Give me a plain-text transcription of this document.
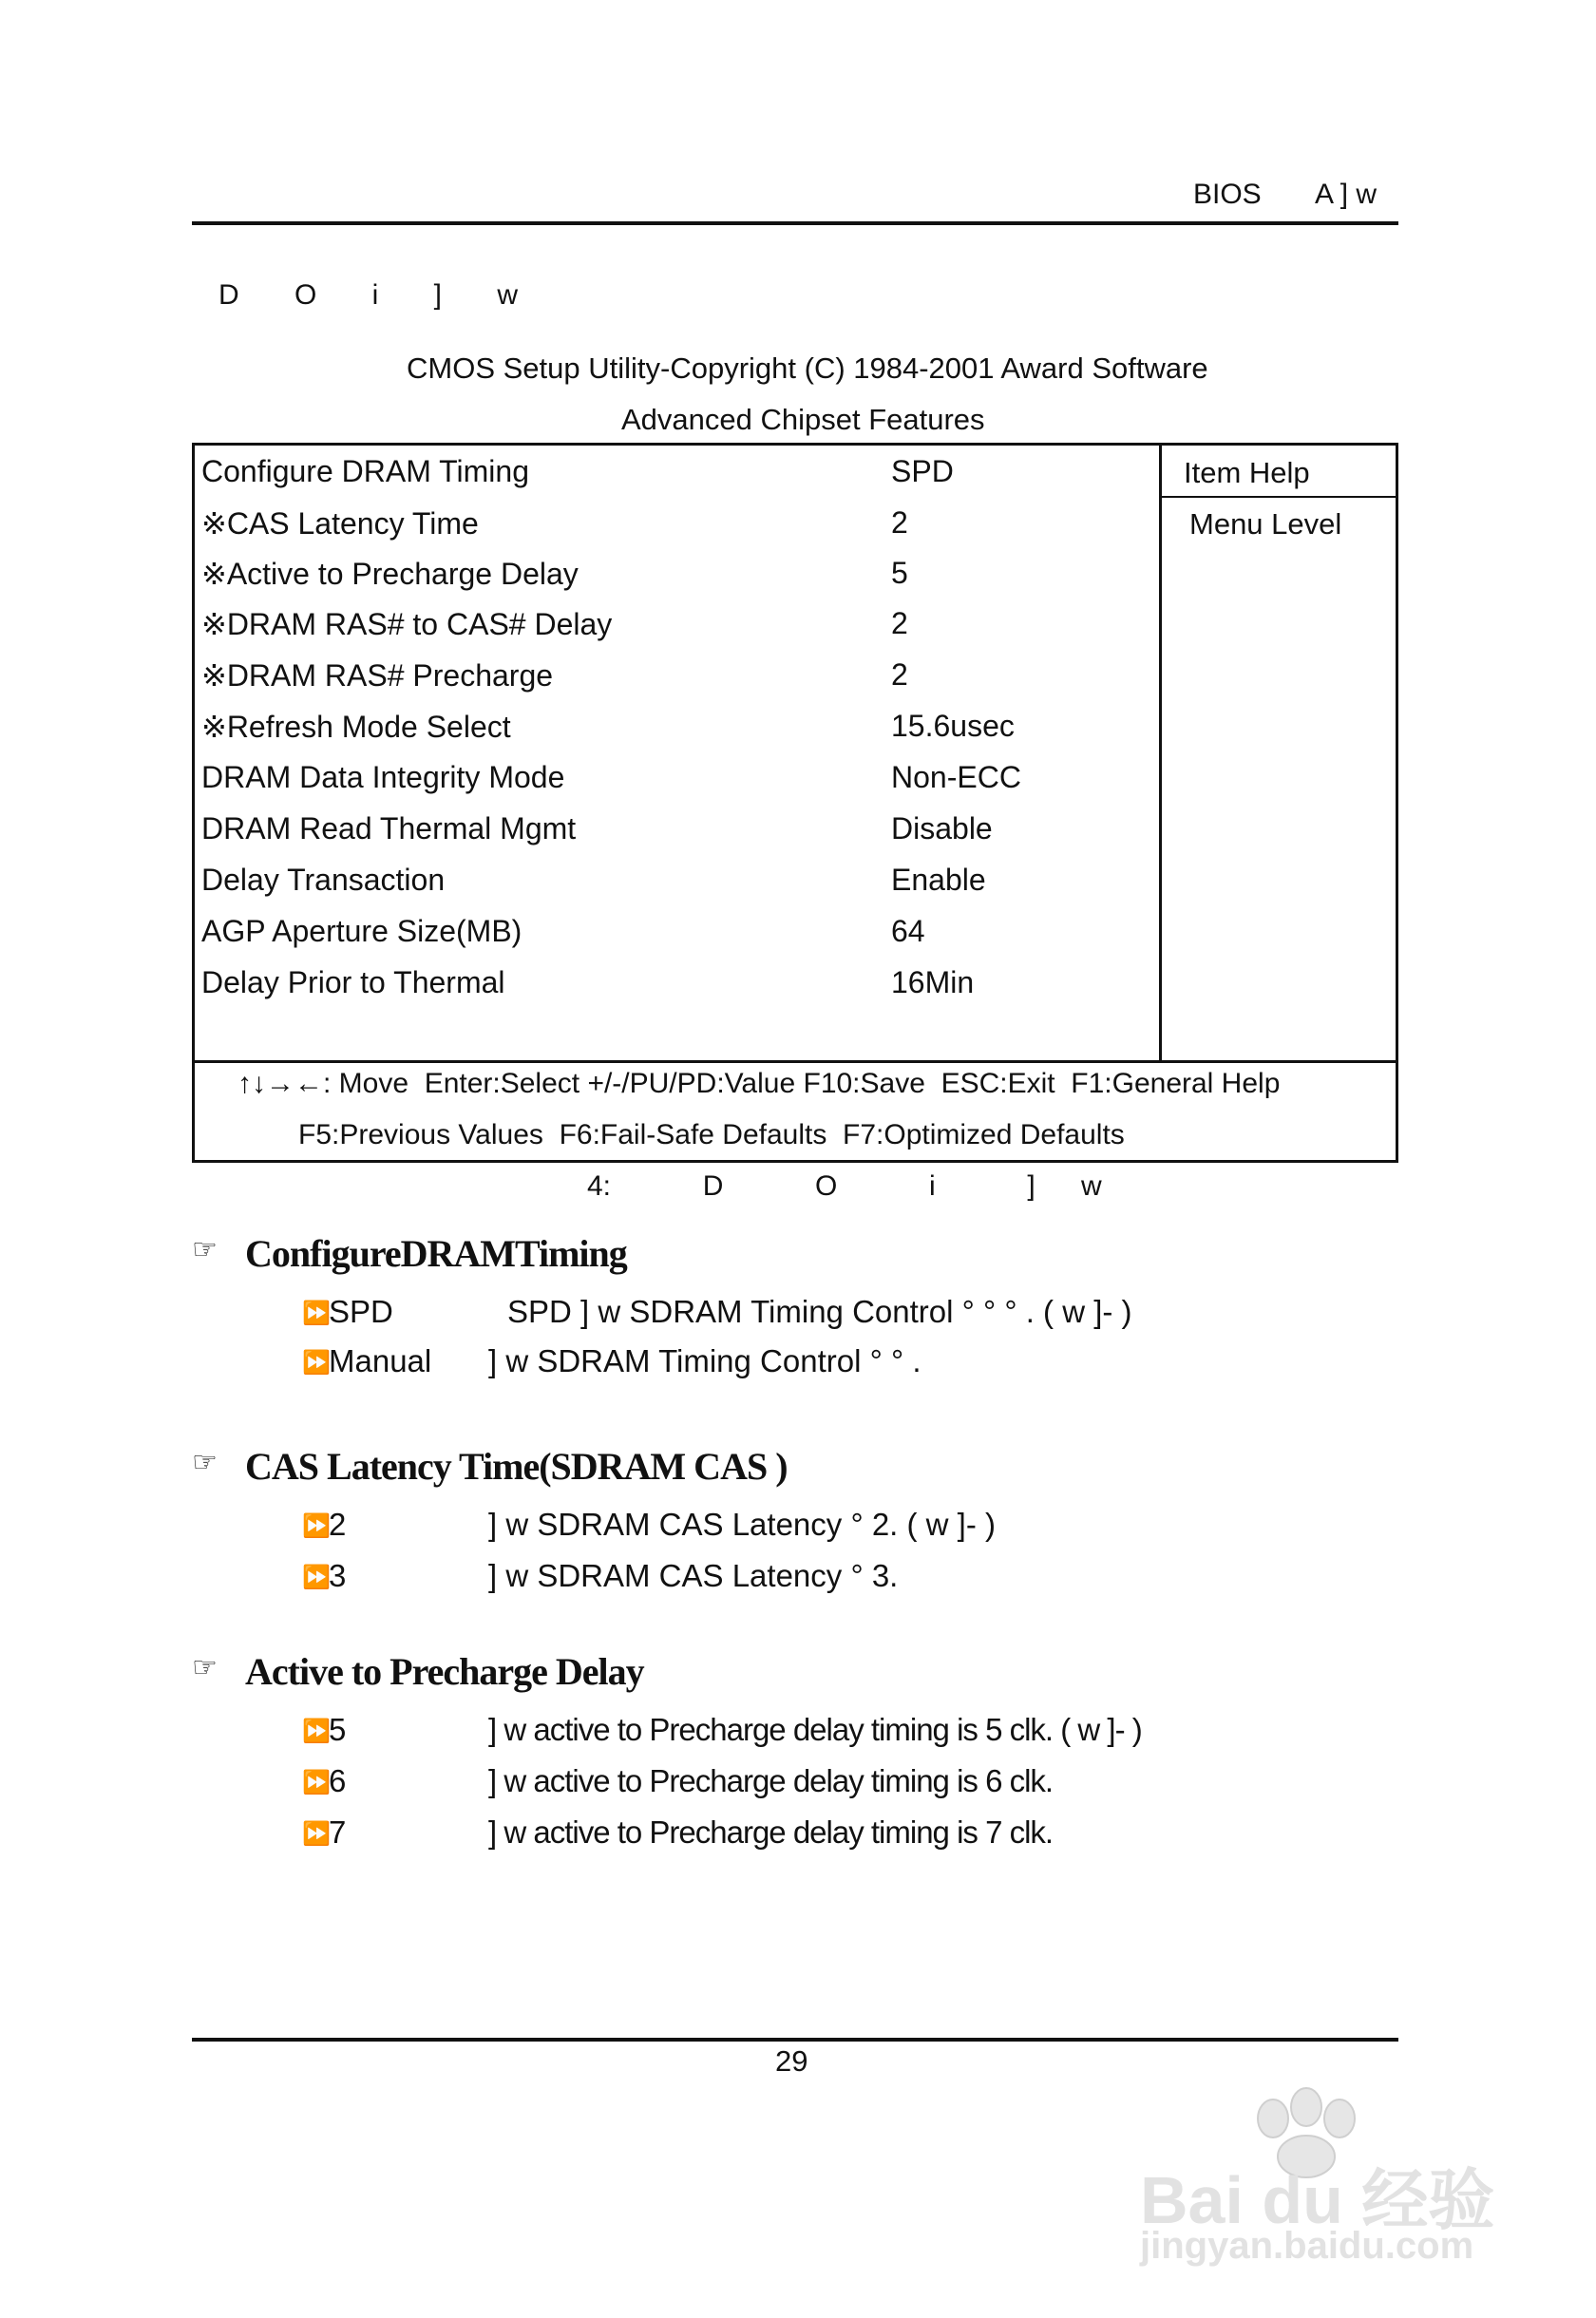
BIOS A ] w
D O i ] w
CMOS Setup Utility-Copyright (C) 1984-2001 Award Software
Advanced Chipset Features
Configure DRAM Timing	SPD
※CAS Latency Time	2
※Active to Precharge Delay	5
※DRAM RAS# to CAS# Delay	2
※DRAM RAS# Precharge	2
※Refresh Mode Select	15.6usec
DRAM Data Integrity Mode	Non-ECC
DRAM Read Thermal Mgmt	Disable
Delay Transaction	Enable
AGP Aperture Size(MB)	64
Delay Prior to Thermal	16Min
Item Help
Menu Level
↑↓→←: Move  Enter:Select +/-/PU/PD:Value F10:Save  ESC:Exit  F1:General Help
F5:Previous Values  F6:Fail-Safe Defaults  F7:Optimized Defaults
4:  D  O  i  ] w
☞ ConfigureDRAMTiming
⏩
SPD	SPD ] w SDRAM Timing Control ° ° ° . ( w ]- )
⏩
Manual ] w SDRAM Timing Control ° ° .
☞ CAS Latency Time(SDRAM CAS )
⏩
2	] w SDRAM CAS Latency ° 2. ( w ]- )
⏩
3	] w SDRAM CAS Latency ° 3.
☞ Active to Precharge Delay
⏩
5	] w active to Precharge delay timing is 5 clk. ( w ]- )
⏩
6	] w active to Precharge delay timing is 6 clk.
⏩
7	] w active to Precharge delay timing is 7 clk.
29
Bai du 经验
jingyan.baidu.com
